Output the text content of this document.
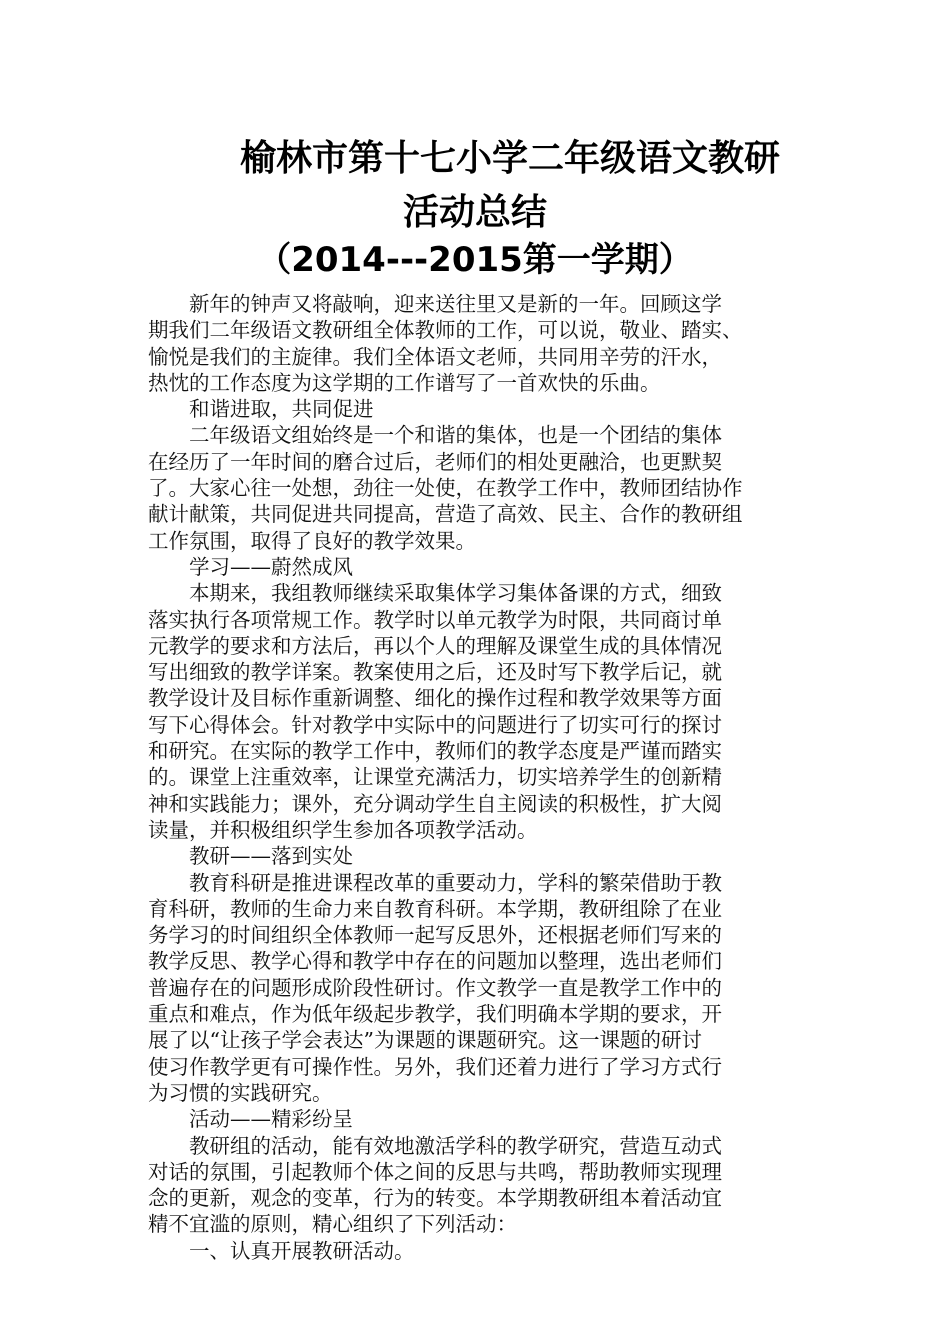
榆林市第十七小学二年级语文教研
活动总结
（2014---2015第一学期）
新年的钟声又将敲响，迎来送往里又是新的一年。回顾这学
期我们二年级语文教研组全体教师的工作，可以说，敬业、踏实、
愉悦是我们的主旋律。我们全体语文老师，共同用辛劳的汗水，
热忱的工作态度为这学期的工作谱写了一首欢快的乐曲。
和谐进取，共同促进
二年级语文组始终是一个和谐的集体，也是一个团结的集体
在经历了一年时间的磨合过后，老师们的相处更融洽，也更默契
了。大家心往一处想，劲往一处使，在教学工作中，教师团结协作
献计献策，共同促进共同提高，营造了高效、民主、合作的教研组
工作氛围，取得了良好的教学效果。
学习——蔚然成风
本期来，我组教师继续采取集体学习集体备课的方式，细致
落实执行各项常规工作。教学时以单元教学为时限，共同商讨单
元教学的要求和方法后，再以个人的理解及课堂生成的具体情况
写出细致的教学详案。教案使用之后，还及时写下教学后记，就
教学设计及目标作重新调整、细化的操作过程和教学效果等方面
写下心得体会。针对教学中实际中的问题进行了切实可行的探讨
和研究。在实际的教学工作中，教师们的教学态度是严谨而踏实
的。课堂上注重效率，让课堂充满活力，切实培养学生的创新精
神和实践能力；课外，充分调动学生自主阅读的积极性，扩大阅
读量，并积极组织学生参加各项教学活动。
教研——落到实处
教育科研是推进课程改革的重要动力，学科的繁荣借助于教
育科研，教师的生命力来自教育科研。本学期，教研组除了在业
务学习的时间组织全体教师一起写反思外，还根据老师们写来的
教学反思、教学心得和教学中存在的问题加以整理，选出老师们
普遍存在的问题形成阶段性研讨。作文教学一直是教学工作中的
重点和难点，作为低年级起步教学，我们明确本学期的要求，开
展了以“让孩子学会表达”为课题的课题研究。这一课题的研讨
使习作教学更有可操作性。另外，我们还着力进行了学习方式行
为习惯的实践研究。
活动——精彩纷呈
教研组的活动，能有效地激活学科的教学研究，营造互动式
对话的氛围，引起教师个体之间的反思与共鸣，帮助教师实现理
念的更新，观念的变革，行为的转变。本学期教研组本着活动宜
精不宜滥的原则，精心组织了下列活动：
一、认真开展教研活动。
